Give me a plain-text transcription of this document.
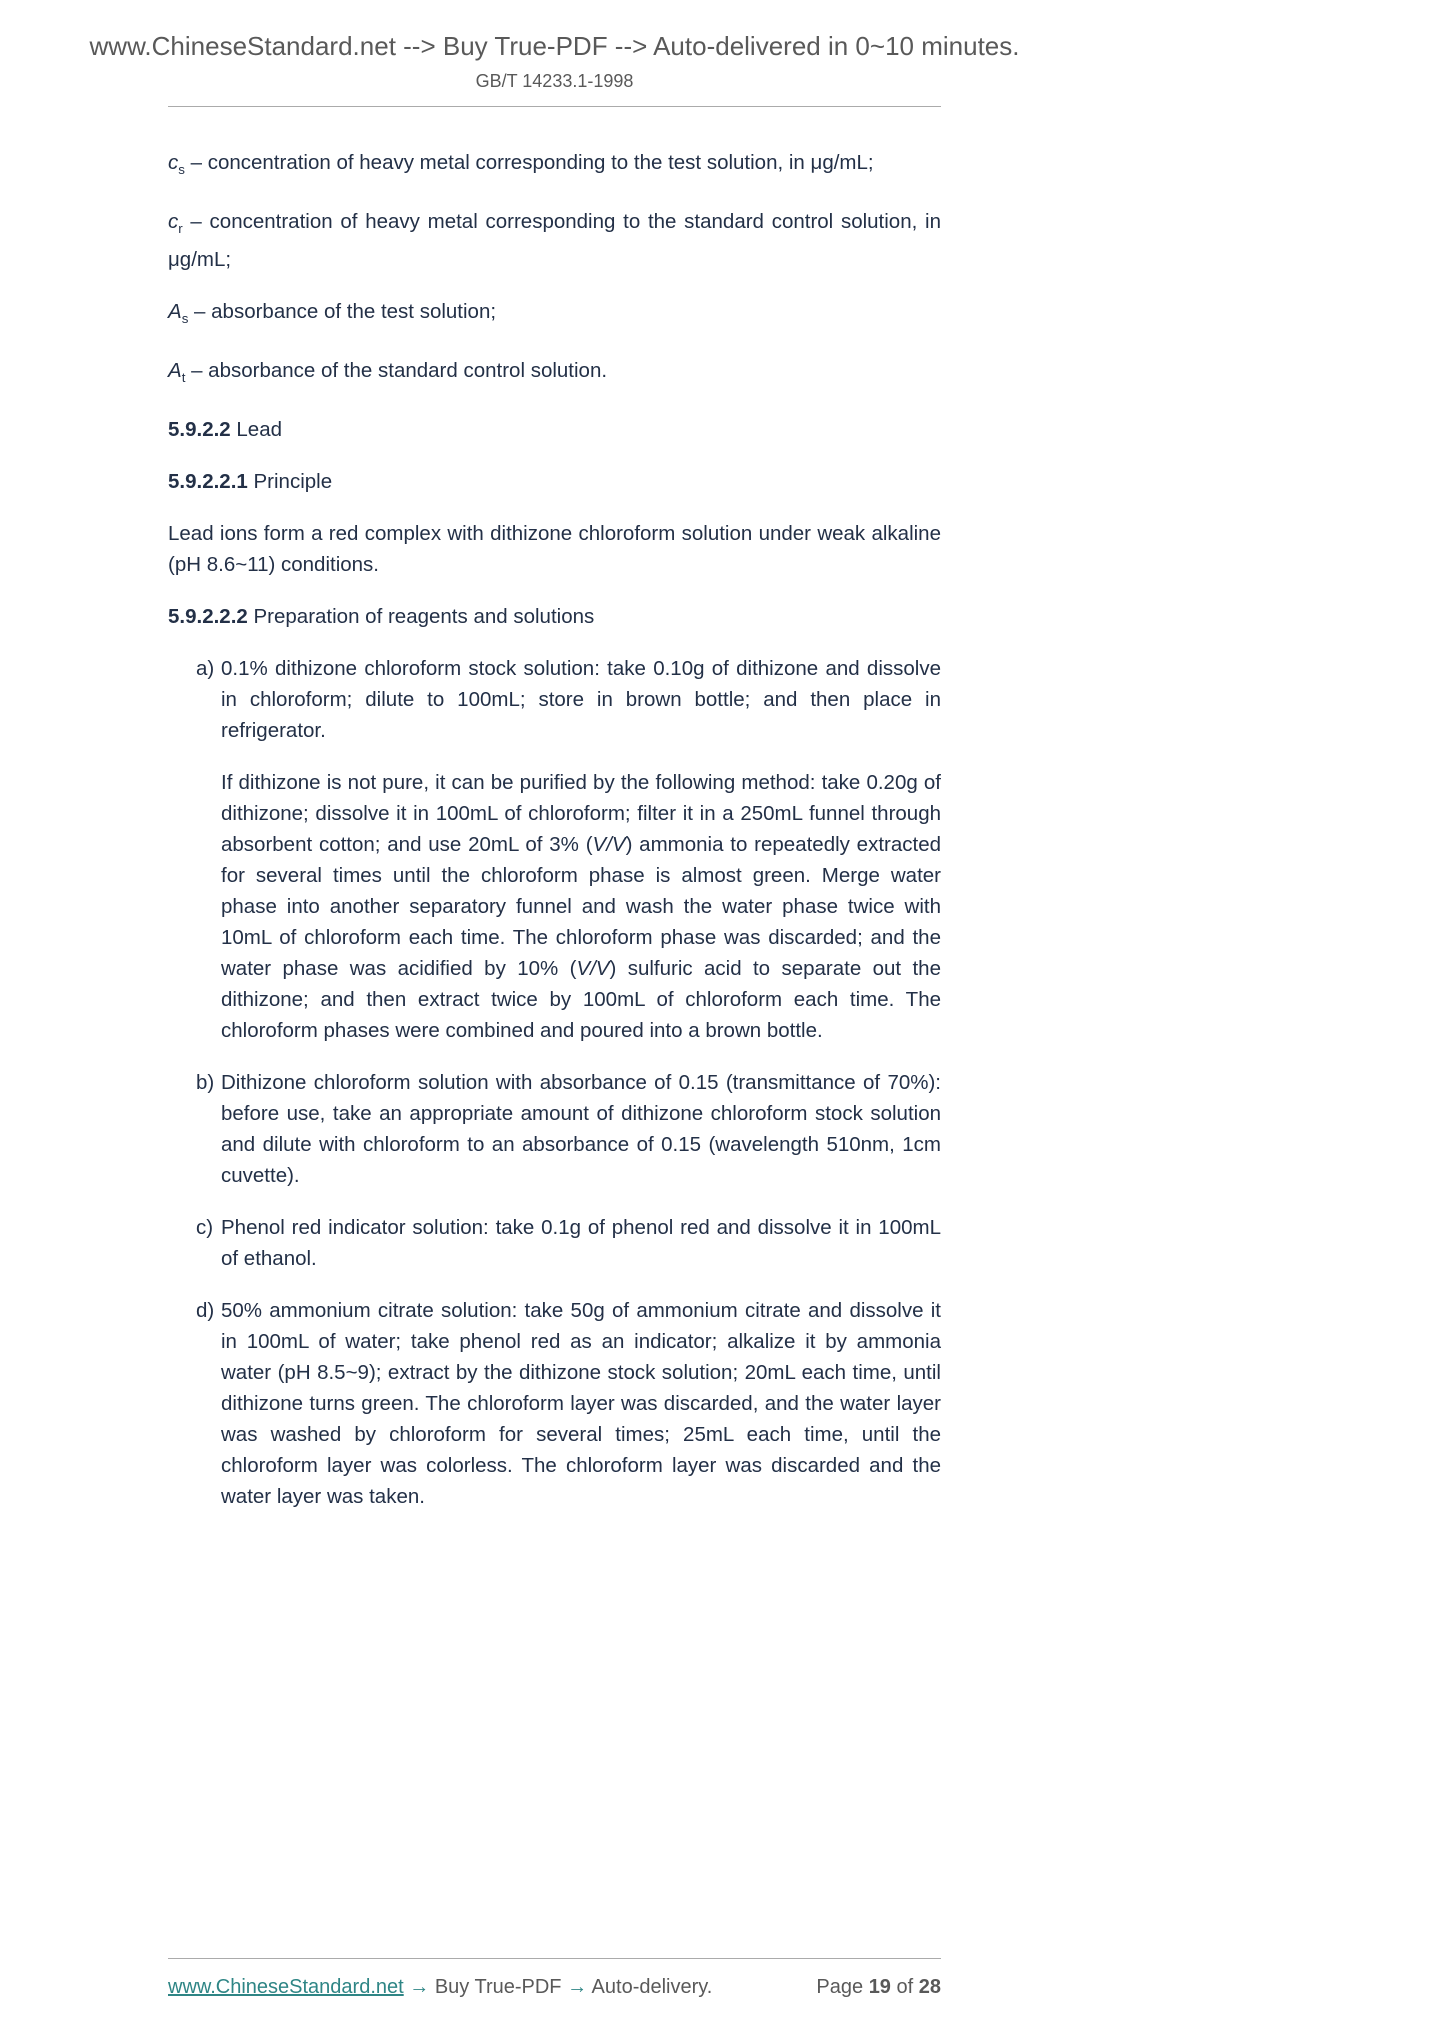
www.ChineseStandard.net --> Buy True-PDF --> Auto-delivered in 0~10 minutes.
GB/T 14233.1-1998

$c_s$ – concentration of heavy metal corresponding to the test solution, in μg/mL;

$c_r$ – concentration of heavy metal corresponding to the standard control solution, in μg/mL;

$A_s$ – absorbance of the test solution;

$A_t$ – absorbance of the standard control solution.

5.9.2.2 Lead

5.9.2.2.1 Principle

Lead ions form a red complex with dithizone chloroform solution under weak alkaline (pH 8.6~11) conditions.

5.9.2.2.2 Preparation of reagents and solutions

a) 0.1% dithizone chloroform stock solution: take 0.10g of dithizone and dissolve in chloroform; dilute to 100mL; store in brown bottle; and then place in refrigerator.

If dithizone is not pure, it can be purified by the following method: take 0.20g of dithizone; dissolve it in 100mL of chloroform; filter it in a 250mL funnel through absorbent cotton; and use 20mL of 3% (V/V) ammonia to repeatedly extracted for several times until the chloroform phase is almost green. Merge water phase into another separatory funnel and wash the water phase twice with 10mL of chloroform each time. The chloroform phase was discarded; and the water phase was acidified by 10% (V/V) sulfuric acid to separate out the dithizone; and then extract twice by 100mL of chloroform each time. The chloroform phases were combined and poured into a brown bottle.

b) Dithizone chloroform solution with absorbance of 0.15 (transmittance of 70%): before use, take an appropriate amount of dithizone chloroform stock solution and dilute with chloroform to an absorbance of 0.15 (wavelength 510nm, 1cm cuvette).
c) Phenol red indicator solution: take 0.1g of phenol red and dissolve it in 100mL of ethanol.
d) 50% ammonium citrate solution: take 50g of ammonium citrate and dissolve it in 100mL of water; take phenol red as an indicator; alkalize it by ammonia water (pH 8.5~9); extract by the dithizone stock solution; 20mL each time, until dithizone turns green. The chloroform layer was discarded, and the water layer was washed by chloroform for several times; 25mL each time, until the chloroform layer was colorless. The chloroform layer was discarded and the water layer was taken.
www.ChineseStandard.net → Buy True-PDF → Auto-delivery.	Page 19 of 28
